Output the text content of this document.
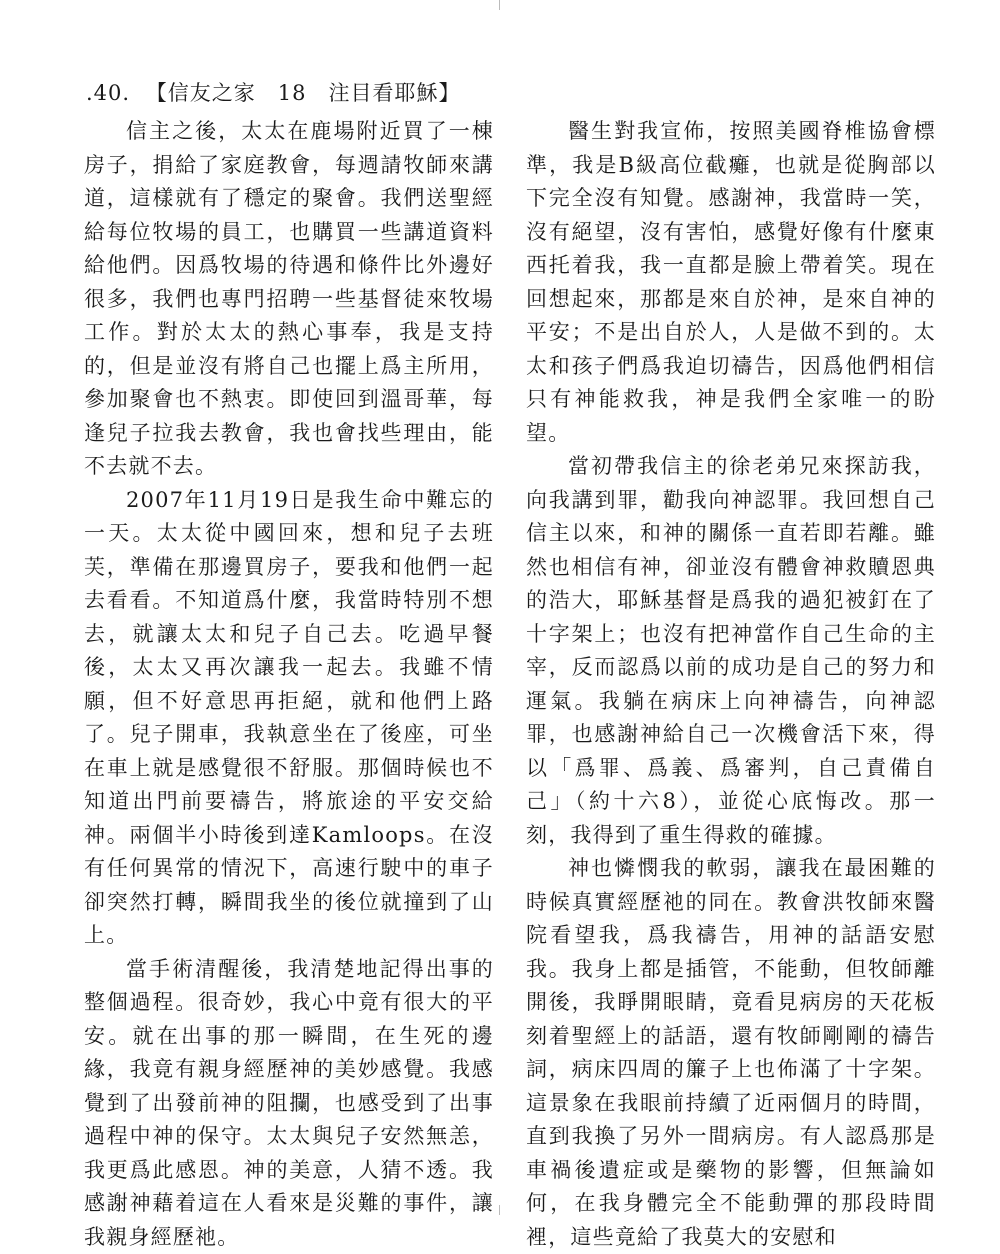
.40. 【信友之家　18　注目看耶穌】

信主之後，太太在鹿場附近買了一棟房子，捐給了家庭教會，每週請牧師來講道，這樣就有了穩定的聚會。我們送聖經給每位牧場的員工，也購買一些講道資料給他們。因爲牧場的待遇和條件比外邊好很多，我們也專門招聘一些基督徒來牧場工作。對於太太的熱心事奉，我是支持的，但是並沒有將自己也擺上爲主所用，參加聚會也不熱衷。即使回到溫哥華，每逢兒子拉我去教會，我也會找些理由，能不去就不去。

2007年11月19日是我生命中難忘的一天。太太從中國回來，想和兒子去班芙，準備在那邊買房子，要我和他們一起去看看。不知道爲什麼，我當時特別不想去，就讓太太和兒子自己去。吃過早餐後，太太又再次讓我一起去。我雖不情願，但不好意思再拒絕，就和他們上路了。兒子開車，我執意坐在了後座，可坐在車上就是感覺很不舒服。那個時候也不知道出門前要禱告，將旅途的平安交給神。兩個半小時後到達Kamloops。在沒有任何異常的情況下，高速行駛中的車子卻突然打轉，瞬間我坐的後位就撞到了山上。

當手術清醒後，我清楚地記得出事的整個過程。很奇妙，我心中竟有很大的平安。就在出事的那一瞬間，在生死的邊緣，我竟有親身經歷神的美妙感覺。我感覺到了出發前神的阻攔，也感受到了出事過程中神的保守。太太與兒子安然無恙，我更爲此感恩。神的美意，人猜不透。我感謝神藉着這在人看來是災難的事件，讓我親身經歷祂。

醫生對我宣佈，按照美國脊椎協會標準，我是B級高位截癱，也就是從胸部以下完全沒有知覺。感謝神，我當時一笑，沒有絕望，沒有害怕，感覺好像有什麼東西托着我，我一直都是臉上帶着笑。現在回想起來，那都是來自於神，是來自神的平安；不是出自於人，人是做不到的。太太和孩子們爲我迫切禱告，因爲他們相信只有神能救我，神是我們全家唯一的盼望。

當初帶我信主的徐老弟兄來探訪我，向我講到罪，勸我向神認罪。我回想自己信主以來，和神的關係一直若即若離。雖然也相信有神，卻並沒有體會神救贖恩典的浩大，耶穌基督是爲我的過犯被釘在了十字架上；也沒有把神當作自己生命的主宰，反而認爲以前的成功是自己的努力和運氣。我躺在病床上向神禱告，向神認罪，也感謝神給自己一次機會活下來，得以「爲罪、爲義、爲審判，自己責備自己」（約十六8），並從心底悔改。那一刻，我得到了重生得救的確據。

神也憐憫我的軟弱，讓我在最困難的時候真實經歷祂的同在。教會洪牧師來醫院看望我，爲我禱告，用神的話語安慰我。我身上都是插管，不能動，但牧師離開後，我睜開眼睛，竟看見病房的天花板刻着聖經上的話語，還有牧師剛剛的禱告詞，病床四周的簾子上也佈滿了十字架。這景象在我眼前持續了近兩個月的時間，直到我換了另外一間病房。有人認爲那是車禍後遺症或是藥物的影響，但無論如何，在我身體完全不能動彈的那段時間裡，這些竟給了我莫大的安慰和
